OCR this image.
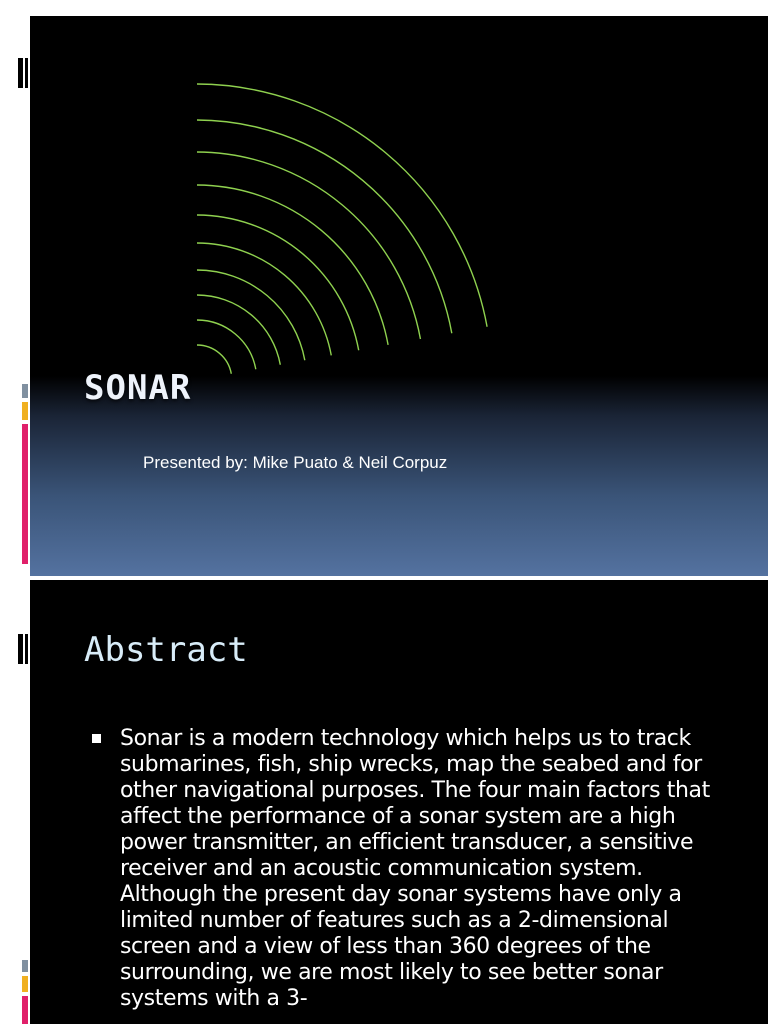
SONAR
Presented by: Mike Puato & Neil Corpuz
Abstract
Sonar is a modern technology which helps us to track submarines, fish, ship wrecks, map the seabed and for other navigational purposes. The four main factors that affect the performance of a sonar system are a high power transmitter, an efficient transducer, a sensitive receiver and an acoustic communication system. Although the present day sonar systems have only a limited number of features such as a 2-dimensional screen and a view of less than 360 degrees of the surrounding, we are most likely to see better sonar systems with a 3-
